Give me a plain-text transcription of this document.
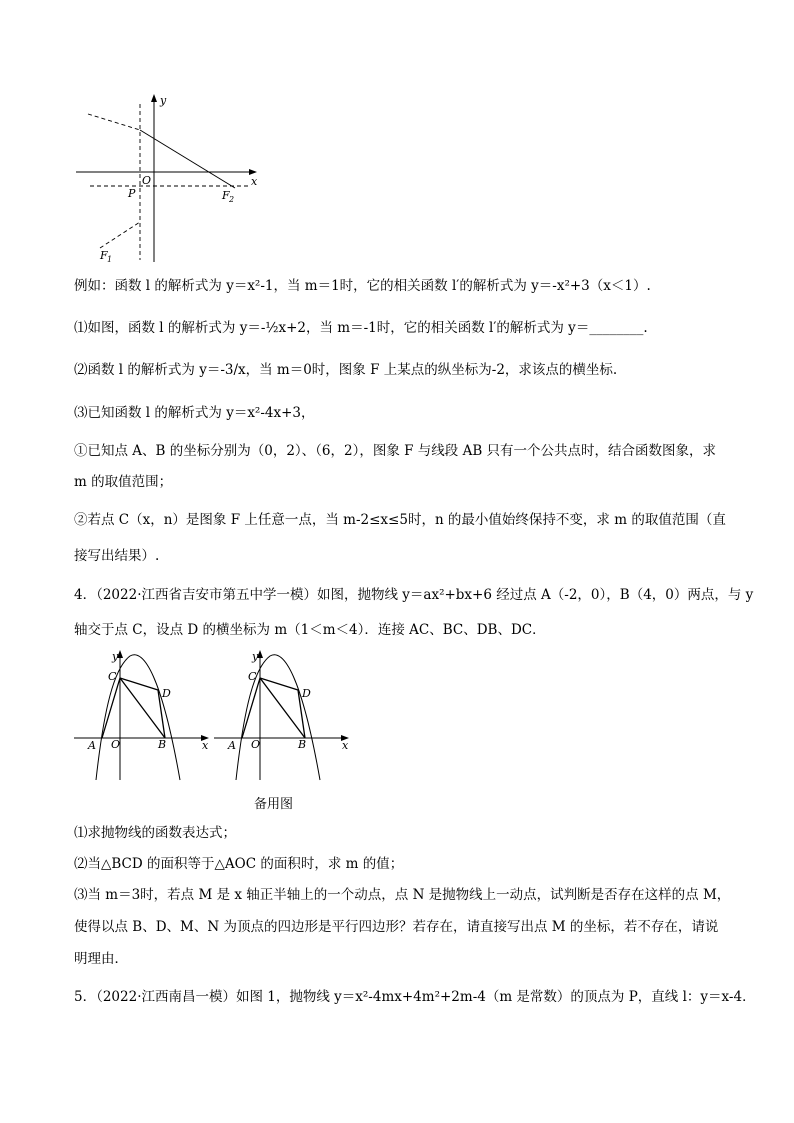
y
x
O
P
F 1
F 2
例如：函数 l 的解析式为 y＝x²-1，当 m＝1时，它的相关函数 l′的解析式为 y＝-x²+3（x＜1）.
⑴如图，函数 l 的解析式为 y＝-½x+2，当 m＝-1时，它的相关函数 l′的解析式为 y＝________.
⑵函数 l 的解析式为 y＝-3/x，当 m＝0时，图象 F 上某点的纵坐标为-2，求该点的横坐标.
⑶已知函数 l 的解析式为 y＝x²-4x+3，
①已知点 A、B 的坐标分别为（0，2）、（6，2），图象 F 与线段 AB 只有一个公共点时，结合函数图象，求
m 的取值范围；
②若点 C（x，n）是图象 F 上任意一点，当 m-2≤x≤5时，n 的最小值始终保持不变，求 m 的取值范围（直
接写出结果）.
4．（2022·江西省吉安市第五中学一模）如图，抛物线 y＝ax²+bx+6 经过点 A（-2，0），B（4，0）两点，与 y
轴交于点 C，设点 D 的横坐标为 m（1＜m＜4）．连接 AC、BC、DB、DC．
y
x
C
D
A O	B
y
x
C
D
A O	B
备用图
⑴求抛物线的函数表达式；
⑵当△BCD 的面积等于△AOC 的面积时，求 m 的值；
⑶当 m＝3时，若点 M 是 x 轴正半轴上的一个动点，点 N 是抛物线上一动点，试判断是否存在这样的点 M，
使得以点 B、D、M、N 为顶点的四边形是平行四边形？若存在，请直接写出点 M 的坐标，若不存在，请说
明理由．
5．（2022·江西南昌一模）如图 1，抛物线 y＝x²-4mx+4m²+2m-4（m 是常数）的顶点为 P，直线 l：y＝x-4．
